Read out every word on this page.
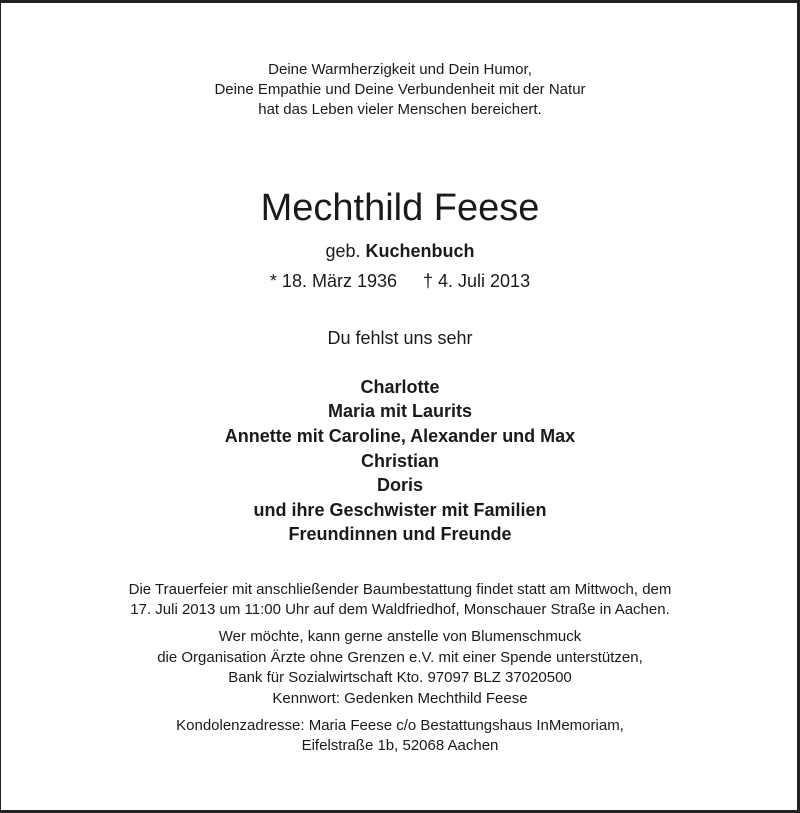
Deine Warmherzigkeit und Dein Humor,
Deine Empathie und Deine Verbundenheit mit der Natur
hat das Leben vieler Menschen bereichert.
Mechthild Feese
geb. Kuchenbuch
* 18. März 1936 † 4. Juli 2013
Du fehlst uns sehr
Charlotte
Maria mit Laurits
Annette mit Caroline, Alexander und Max
Christian
Doris
und ihre Geschwister mit Familien
Freundinnen und Freunde
Die Trauerfeier mit anschließender Baumbestattung findet statt am Mittwoch, dem
17. Juli 2013 um 11:00 Uhr auf dem Waldfriedhof, Monschauer Straße in Aachen.
Wer möchte, kann gerne anstelle von Blumenschmuck
die Organisation Ärzte ohne Grenzen e.V. mit einer Spende unterstützen,
Bank für Sozialwirtschaft Kto. 97097 BLZ 37020500
Kennwort: Gedenken Mechthild Feese
Kondolenzadresse: Maria Feese c/o Bestattungshaus InMemoriam,
Eifelstraße 1b, 52068 Aachen
